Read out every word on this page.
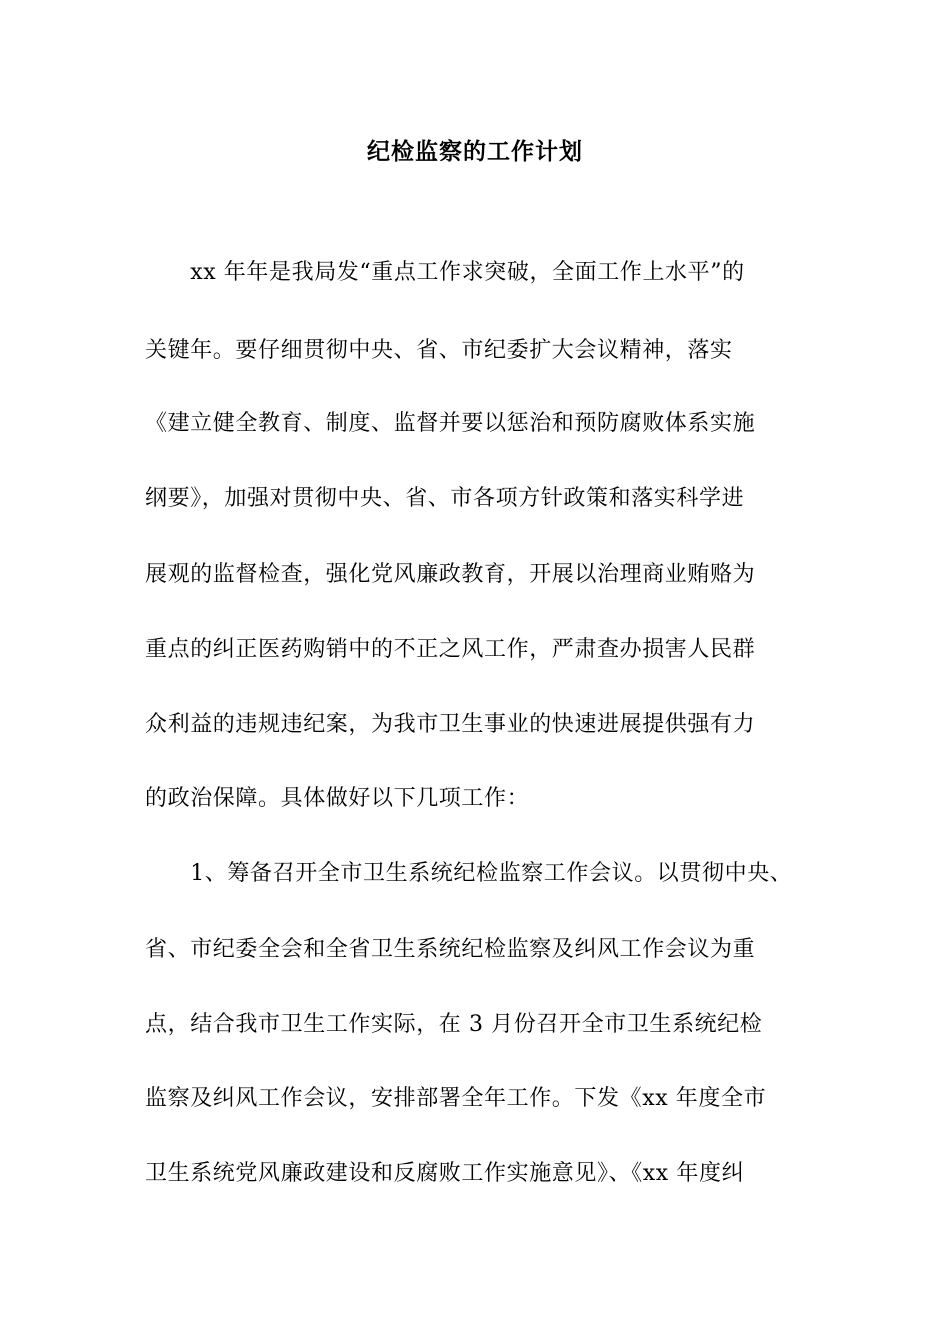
纪检监察的工作计划
　　xx 年年是我局发“重点工作求突破，全面工作上水平”的
关键年。要仔细贯彻中央、省、市纪委扩大会议精神，落实
《建立健全教育、制度、监督并要以惩治和预防腐败体系实施
纲要》，加强对贯彻中央、省、市各项方针政策和落实科学进
展观的监督检查，强化党风廉政教育，开展以治理商业贿赂为
重点的纠正医药购销中的不正之风工作，严肃查办损害人民群
众利益的违规违纪案，为我市卫生事业的快速进展提供强有力
的政治保障。具体做好以下几项工作：
　　1、筹备召开全市卫生系统纪检监察工作会议。以贯彻中央、
省、市纪委全会和全省卫生系统纪检监察及纠风工作会议为重
点，结合我市卫生工作实际，在 3 月份召开全市卫生系统纪检
监察及纠风工作会议，安排部署全年工作。下发《xx 年度全市
卫生系统党风廉政建设和反腐败工作实施意见》、《xx 年度纠
